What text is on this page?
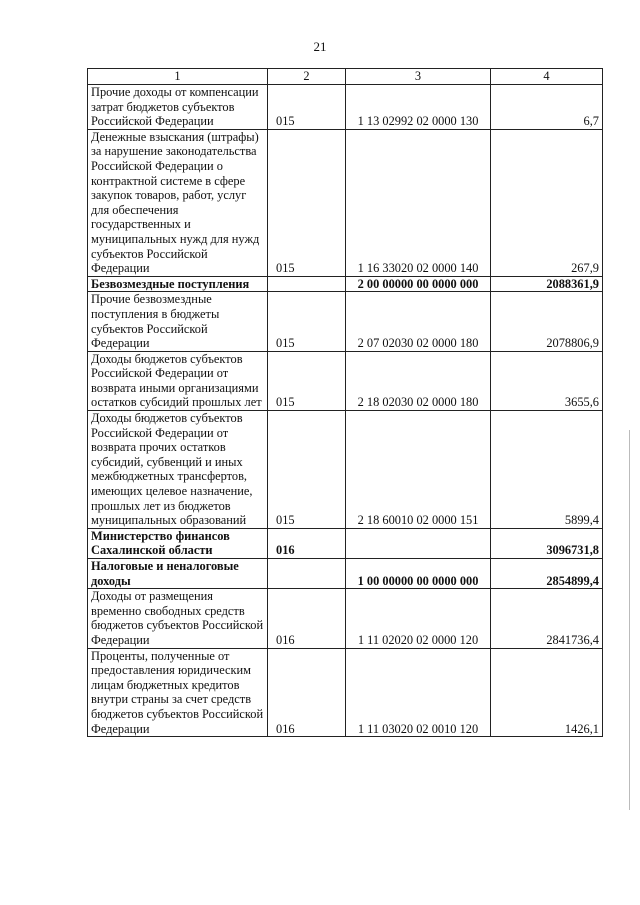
21
1	2	3	4
Прочие доходы от компенсации затрат бюджетов субъектов Российской Федерации	015	1 13 02992 02 0000 130	6,7
Денежные взыскания (штрафы) за нарушение законодательства Российской Федерации о контрактной системе в сфере закупок товаров, работ, услуг для обеспечения государственных и муниципальных нужд для нужд субъектов Российской Федерации	015	1 16 33020 02 0000 140	267,9
Безвозмездные поступления		2 00 00000 00 0000 000	2088361,9
Прочие безвозмездные поступления в бюджеты субъектов Российской Федерации	015	2 07 02030 02 0000 180	2078806,9
Доходы бюджетов субъектов Российской Федерации от возврата иными организациями остатков субсидий прошлых лет	015	2 18 02030 02 0000 180	3655,6
Доходы бюджетов субъектов Российской Федерации от возврата прочих остатков субсидий, субвенций и иных межбюджетных трансфертов, имеющих целевое назначение, прошлых лет из бюджетов муниципальных образований	015	2 18 60010 02 0000 151	5899,4
Министерство финансов Сахалинской области	016		3096731,8
Налоговые и неналоговые доходы		1 00 00000 00 0000 000	2854899,4
Доходы от размещения временно свободных средств бюджетов субъектов Российской Федерации	016	1 11 02020 02 0000 120	2841736,4
Проценты, полученные от предоставления юридическим лицам бюджетных кредитов внутри страны за счет средств бюджетов субъектов Российской Федерации	016	1 11 03020 02 0010 120	1426,1
